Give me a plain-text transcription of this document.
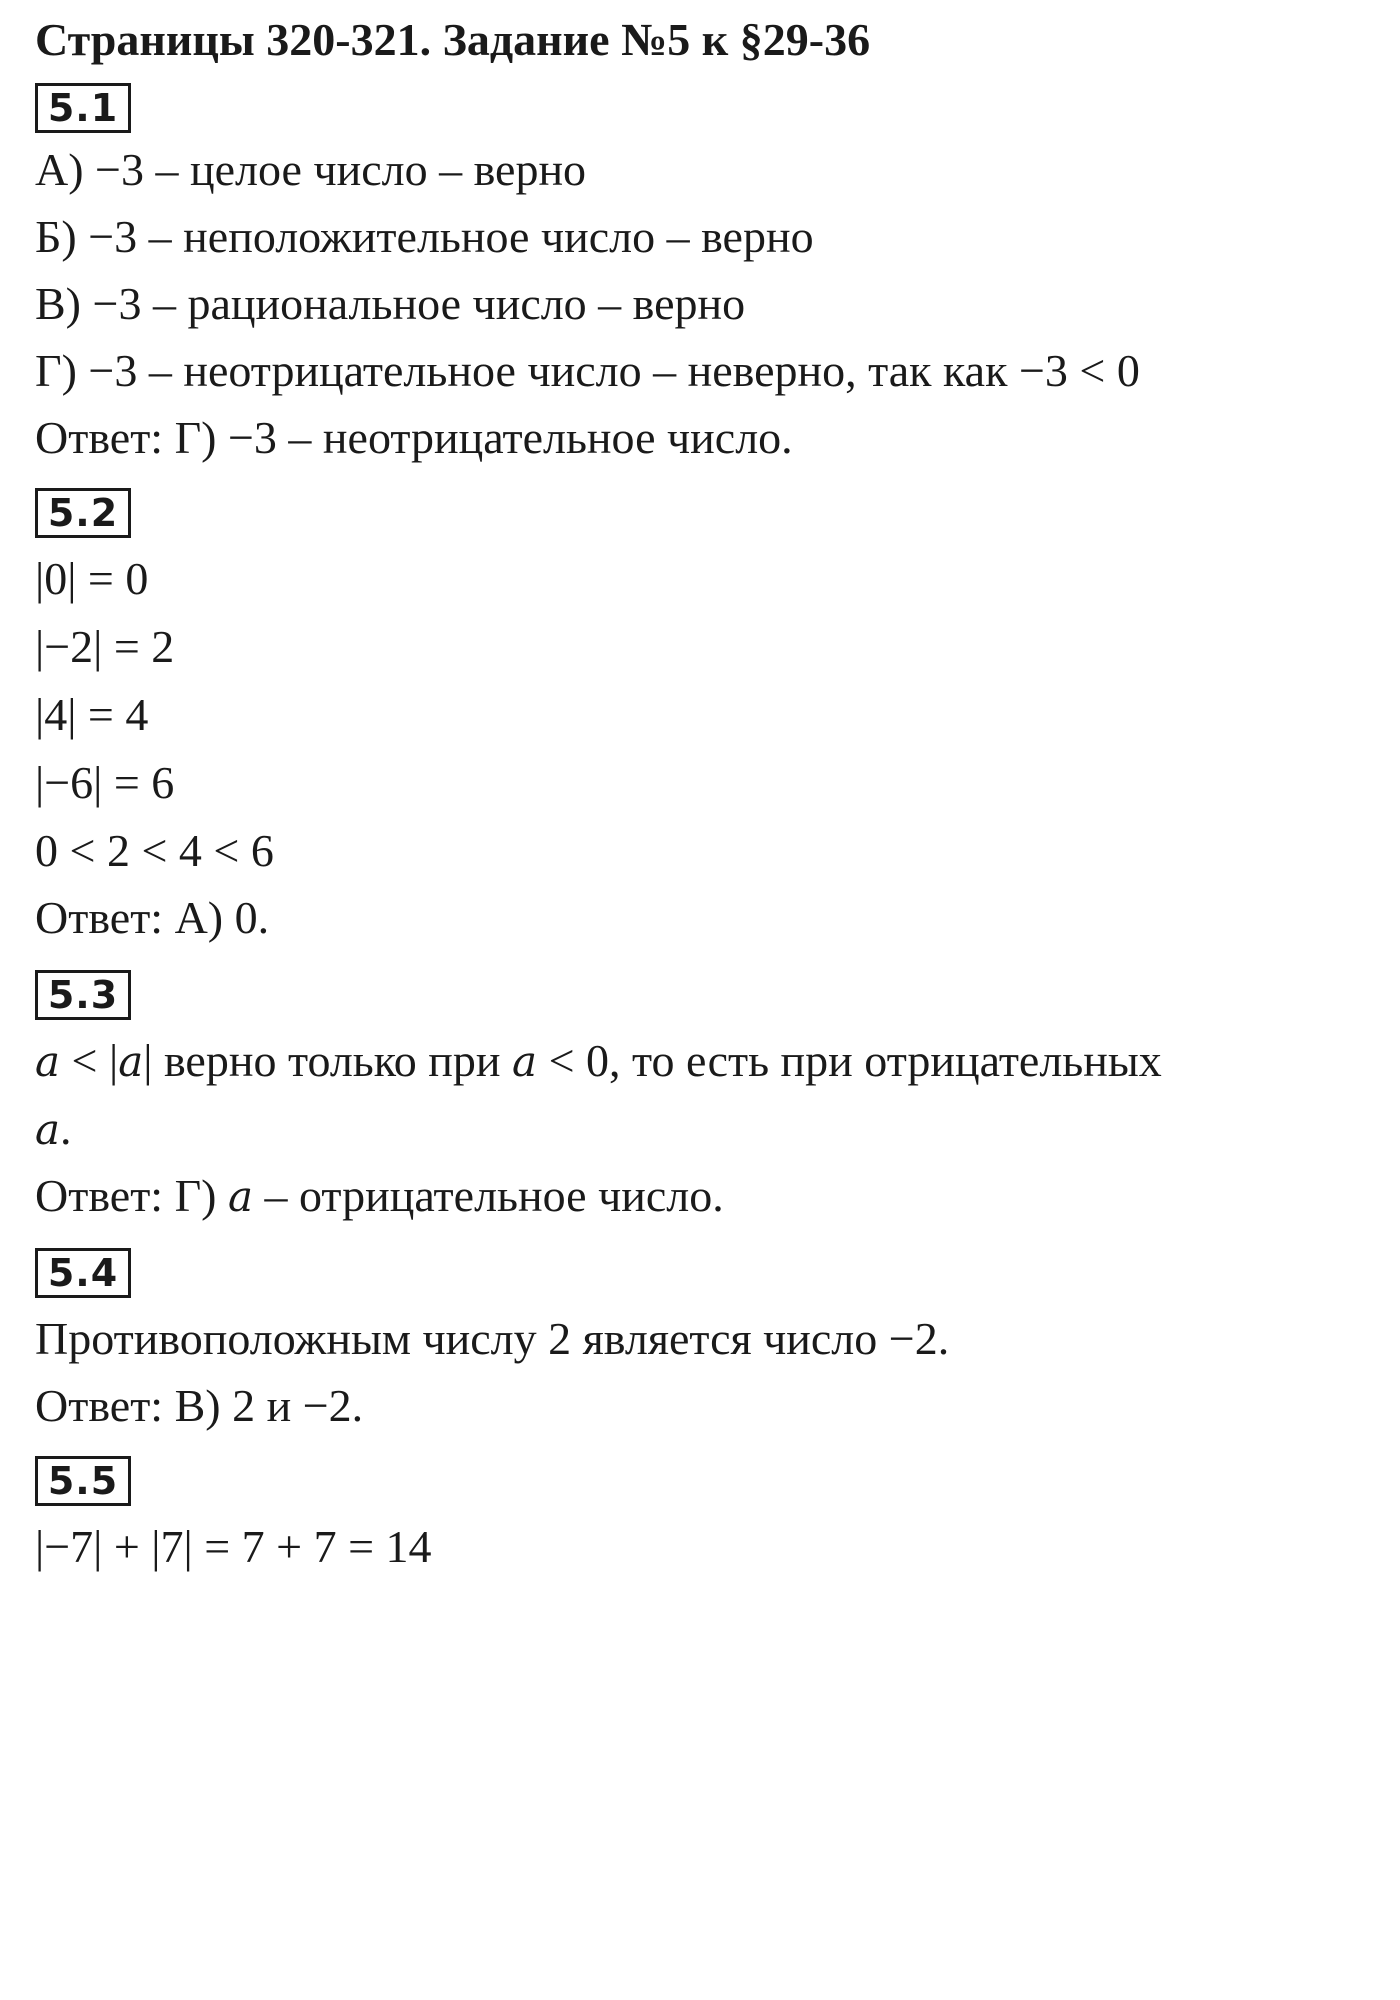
Страницы 320-321. Задание №5 к §29-36
5.1
А) −3 – целое число – верно
Б) −3 – неположительное число – верно
В) −3 – рациональное число – верно
Г) −3 – неотрицательное число – неверно, так как −3 < 0
Ответ: Г) −3 – неотрицательное число.
5.2
|0| = 0
|−2| = 2
|4| = 4
|−6| = 6
0 < 2 < 4 < 6
Ответ: А) 0.
5.3
a < |a| верно только при a < 0, то есть при отрицательных
a.
Ответ: Г) a – отрицательное число.
5.4
Противоположным числу 2 является число −2.
Ответ: В) 2 и −2.
5.5
|−7| + |7| = 7 + 7 = 14
